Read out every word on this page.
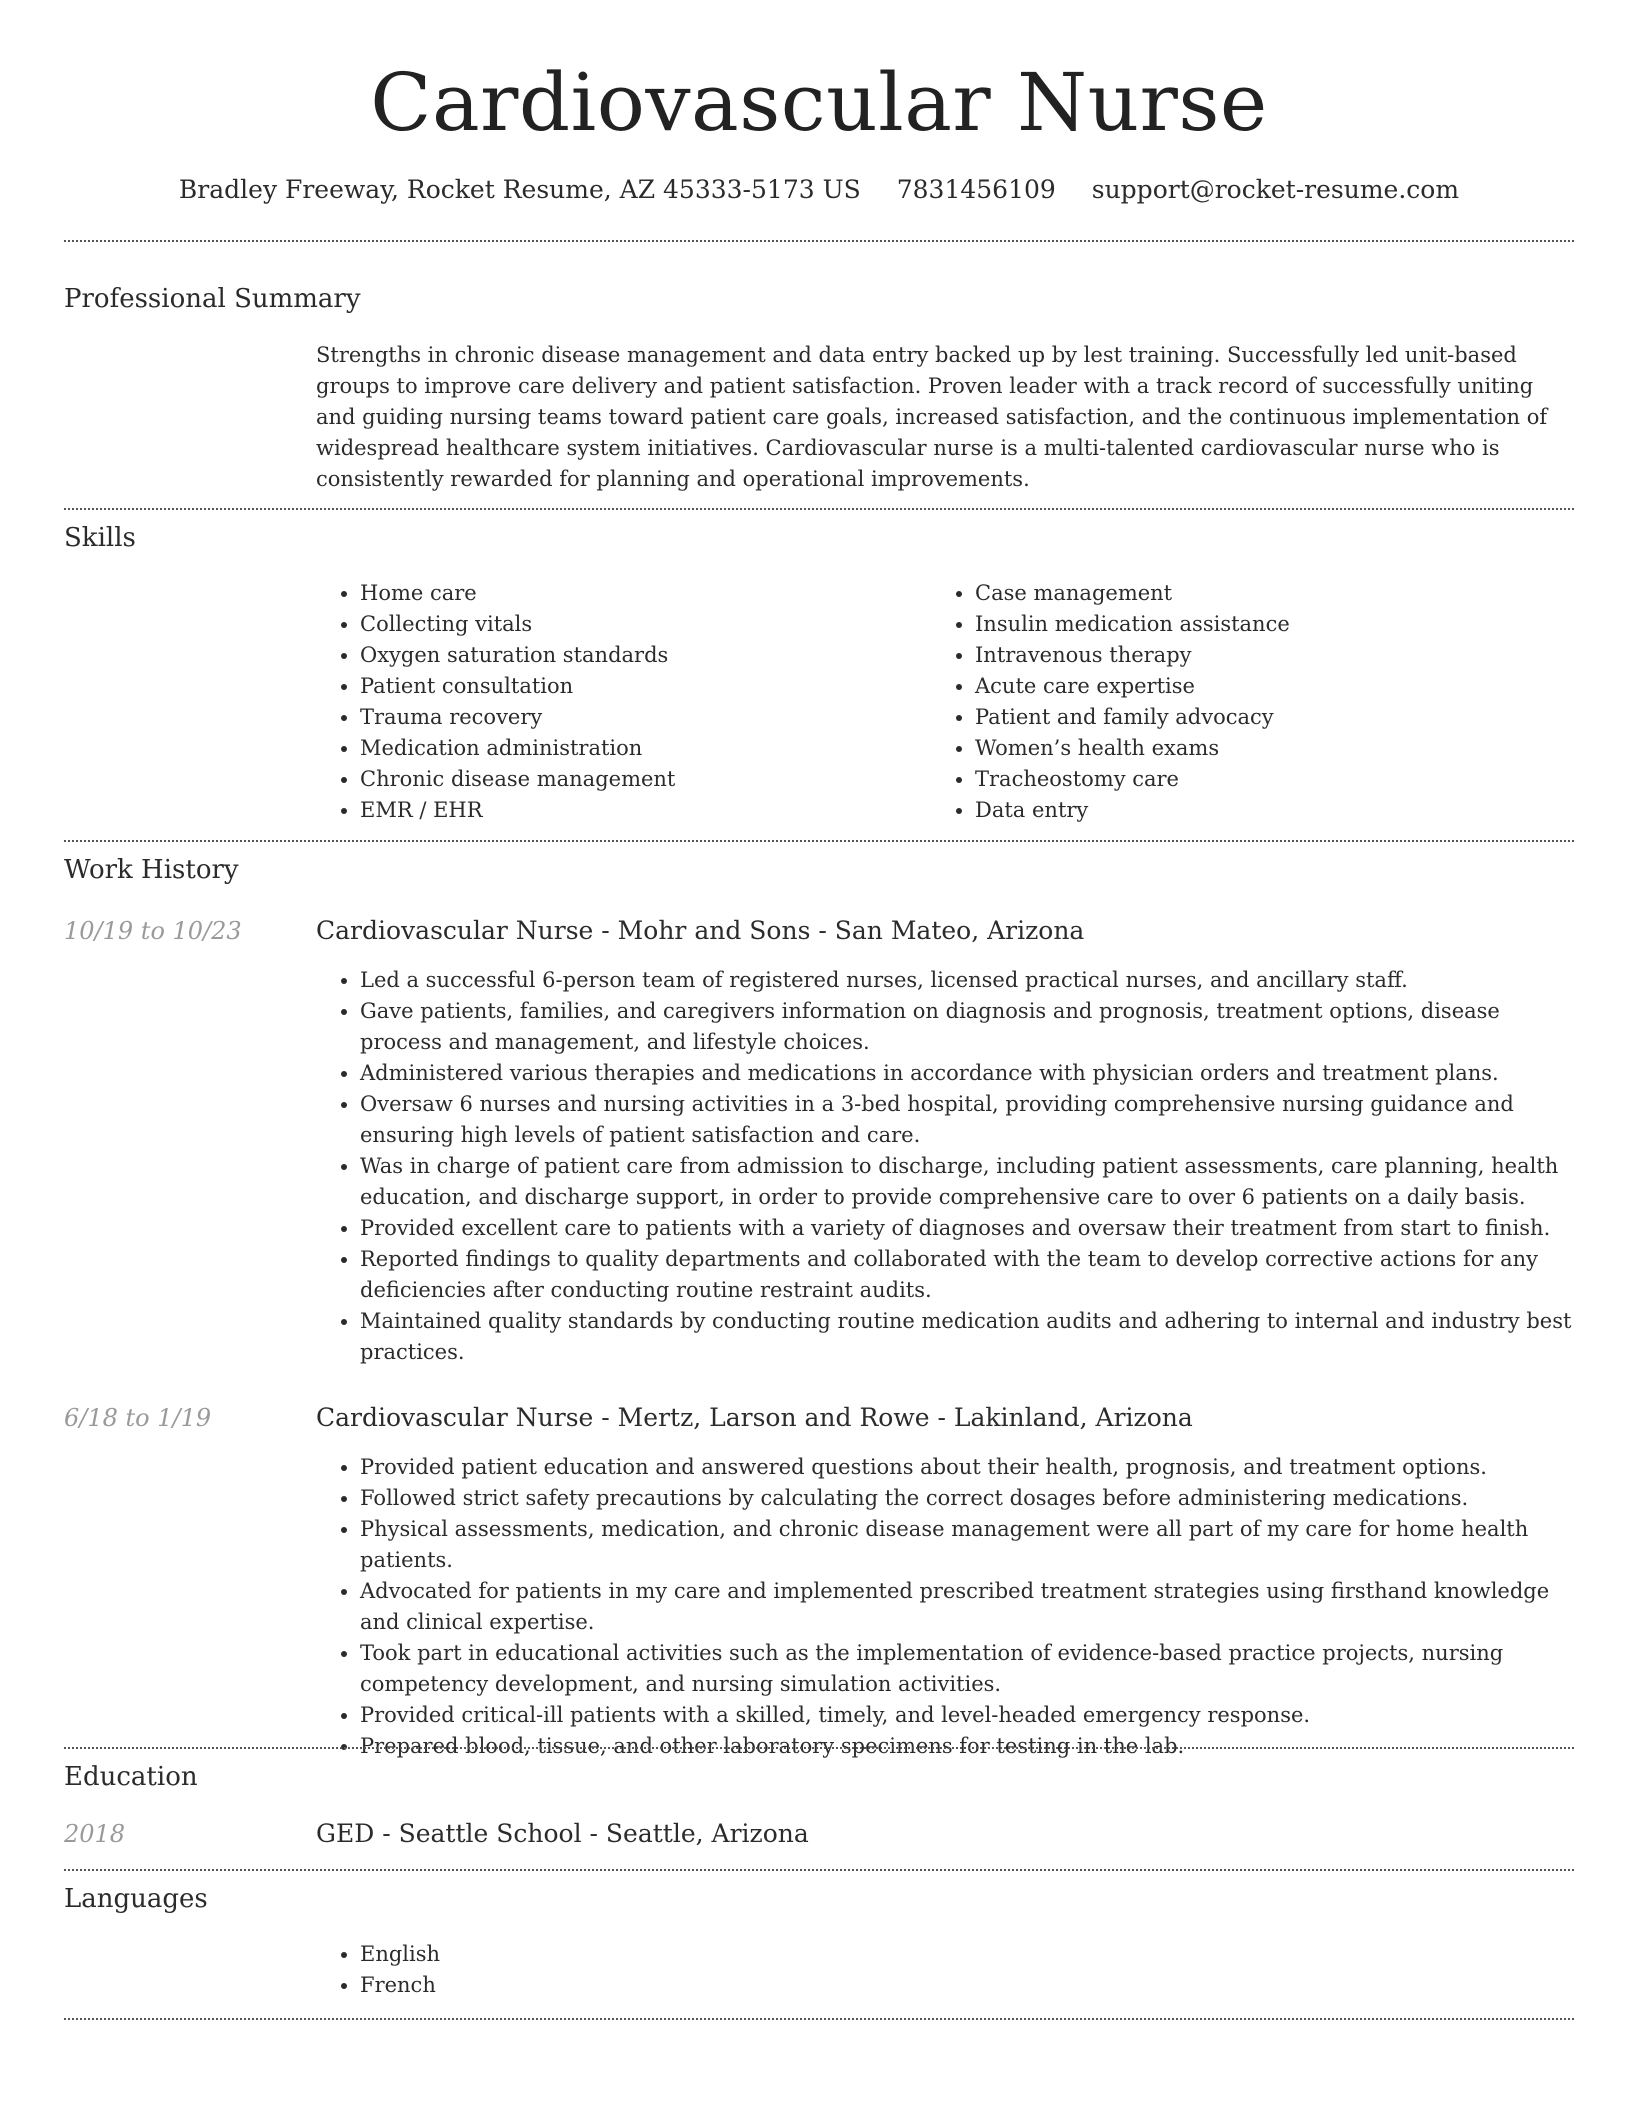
Cardiovascular Nurse
Bradley Freeway, Rocket Resume, AZ 45333-5173 US 7831456109 support@rocket-resume.com
Professional Summary
Strengths in chronic disease management and data entry backed up by lest training. Successfully led unit-based groups to improve care delivery and patient satisfaction. Proven leader with a track record of successfully uniting and guiding nursing teams toward patient care goals, increased satisfaction, and the continuous implementation of widespread healthcare system initiatives. Cardiovascular nurse is a multi-talented cardiovascular nurse who is consistently rewarded for planning and operational improvements.
Skills
• Home care
• Collecting vitals
• Oxygen saturation standards
• Patient consultation
• Trauma recovery
• Medication administration
• Chronic disease management
• EMR / EHR
• Case management
• Insulin medication assistance
• Intravenous therapy
• Acute care expertise
• Patient and family advocacy
• Women’s health exams
• Tracheostomy care
• Data entry
Work History
10/19 to 10/23	Cardiovascular Nurse - Mohr and Sons - San Mateo, Arizona
• Led a successful 6-person team of registered nurses, licensed practical nurses, and ancillary staff.
• Gave patients, families, and caregivers information on diagnosis and prognosis, treatment options, disease process and management, and lifestyle choices.
• Administered various therapies and medications in accordance with physician orders and treatment plans.
• Oversaw 6 nurses and nursing activities in a 3-bed hospital, providing comprehensive nursing guidance and ensuring high levels of patient satisfaction and care.
• Was in charge of patient care from admission to discharge, including patient assessments, care planning, health education, and discharge support, in order to provide comprehensive care to over 6 patients on a daily basis.
• Provided excellent care to patients with a variety of diagnoses and oversaw their treatment from start to finish.
• Reported findings to quality departments and collaborated with the team to develop corrective actions for any deficiencies after conducting routine restraint audits.
• Maintained quality standards by conducting routine medication audits and adhering to internal and industry best practices.
6/18 to 1/19	Cardiovascular Nurse - Mertz, Larson and Rowe - Lakinland, Arizona
• Provided patient education and answered questions about their health, prognosis, and treatment options.
• Followed strict safety precautions by calculating the correct dosages before administering medications.
• Physical assessments, medication, and chronic disease management were all part of my care for home health patients.
• Advocated for patients in my care and implemented prescribed treatment strategies using firsthand knowledge and clinical expertise.
• Took part in educational activities such as the implementation of evidence-based practice projects, nursing competency development, and nursing simulation activities.
• Provided critical-ill patients with a skilled, timely, and level-headed emergency response.
• Prepared blood, tissue, and other laboratory specimens for testing in the lab.
Education
2018	GED - Seattle School - Seattle, Arizona
Languages
• English
• French
